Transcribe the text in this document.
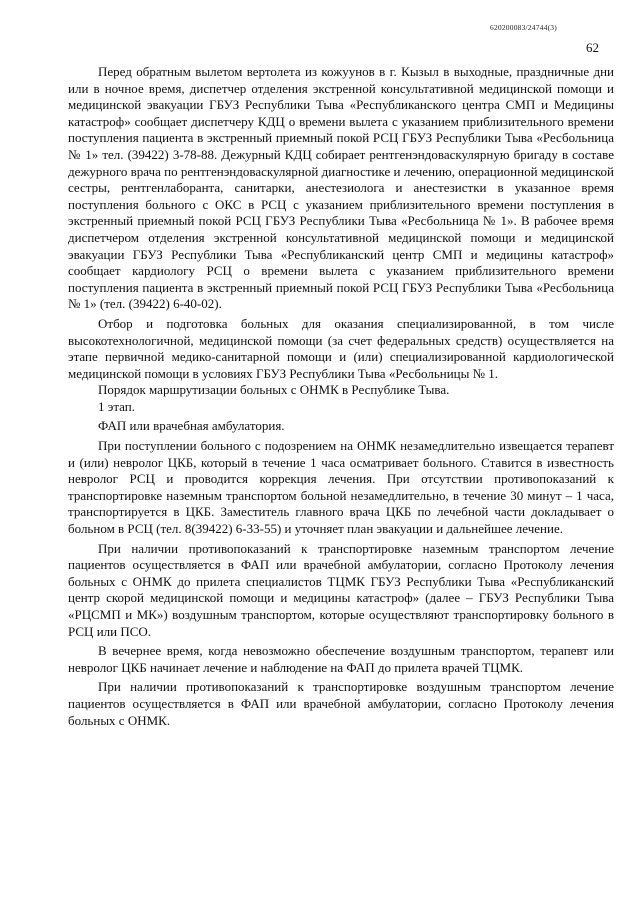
620200083/24744(3)
62

Перед обратным вылетом вертолета из кожуунов в г. Кызыл в выходные, праздничные дни или в ночное время, диспетчер отделения экстренной консультативной медицинской помощи и медицинской эвакуации ГБУЗ Республики Тыва «Республиканского центра СМП и Медицины катастроф» сообщает диспетчеру КДЦ о времени вылета с указанием приблизительного времени поступления пациента в экстренный приемный покой РСЦ ГБУЗ Республики Тыва «Ресбольница № 1» тел. (39422) 3-78-88. Дежурный КДЦ собирает рентгенэндоваскулярную бригаду в составе дежурного врача по рентгенэндоваскулярной диагностике и лечению, операционной медицинской сестры, рентгенлаборанта, санитарки, анестезиолога и анестезистки в указанное время поступления больного с ОКС в РСЦ с указанием приблизительного времени поступления в экстренный приемный покой РСЦ ГБУЗ Республики Тыва «Ресбольница № 1». В рабочее время диспетчером отделения экстренной консультативной медицинской помощи и медицинской эвакуации ГБУЗ Республики Тыва «Республиканский центр СМП и медицины катастроф» сообщает кардиологу РСЦ о времени вылета с указанием приблизительного времени поступления пациента в экстренный приемный покой РСЦ ГБУЗ Республики Тыва «Ресбольница № 1» (тел. (39422) 6-40-02).

Отбор и подготовка больных для оказания специализированной, в том числе высокотехнологичной, медицинской помощи (за счет федеральных средств) осуществляется на этапе первичной медико-санитарной помощи и (или) специализированной кардиологической медицинской помощи в условиях ГБУЗ Республики Тыва «Ресбольницы № 1.

Порядок маршрутизации больных с ОНМК в Республике Тыва.

1 этап.

ФАП или врачебная амбулатория.

При поступлении больного с подозрением на ОНМК незамедлительно извещается терапевт и (или) невролог ЦКБ, который в течение 1 часа осматривает больного. Ставится в известность невролог РСЦ и проводится коррекция лечения. При отсутствии противопоказаний к транспортировке наземным транспортом больной незамедлительно, в течение 30 минут – 1 часа, транспортируется в ЦКБ. Заместитель главного врача ЦКБ по лечебной части докладывает о больном в РСЦ (тел. 8(39422) 6-33-55) и уточняет план эвакуации и дальнейшее лечение.

При наличии противопоказаний к транспортировке наземным транспортом лечение пациентов осуществляется в ФАП или врачебной амбулатории, согласно Протоколу лечения больных с ОНМК до прилета специалистов ТЦМК ГБУЗ Республики Тыва «Республиканский центр скорой медицинской помощи и медицины катастроф» (далее – ГБУЗ Республики Тыва «РЦСМП и МК») воздушным транспортом, которые осуществляют транспортировку больного в РСЦ или ПСО.

В вечернее время, когда невозможно обеспечение воздушным транспортом, терапевт или невролог ЦКБ начинает лечение и наблюдение на ФАП до прилета врачей ТЦМК.

При наличии противопоказаний к транспортировке воздушным транспортом лечение пациентов осуществляется в ФАП или врачебной амбулатории, согласно Протоколу лечения больных с ОНМК.
